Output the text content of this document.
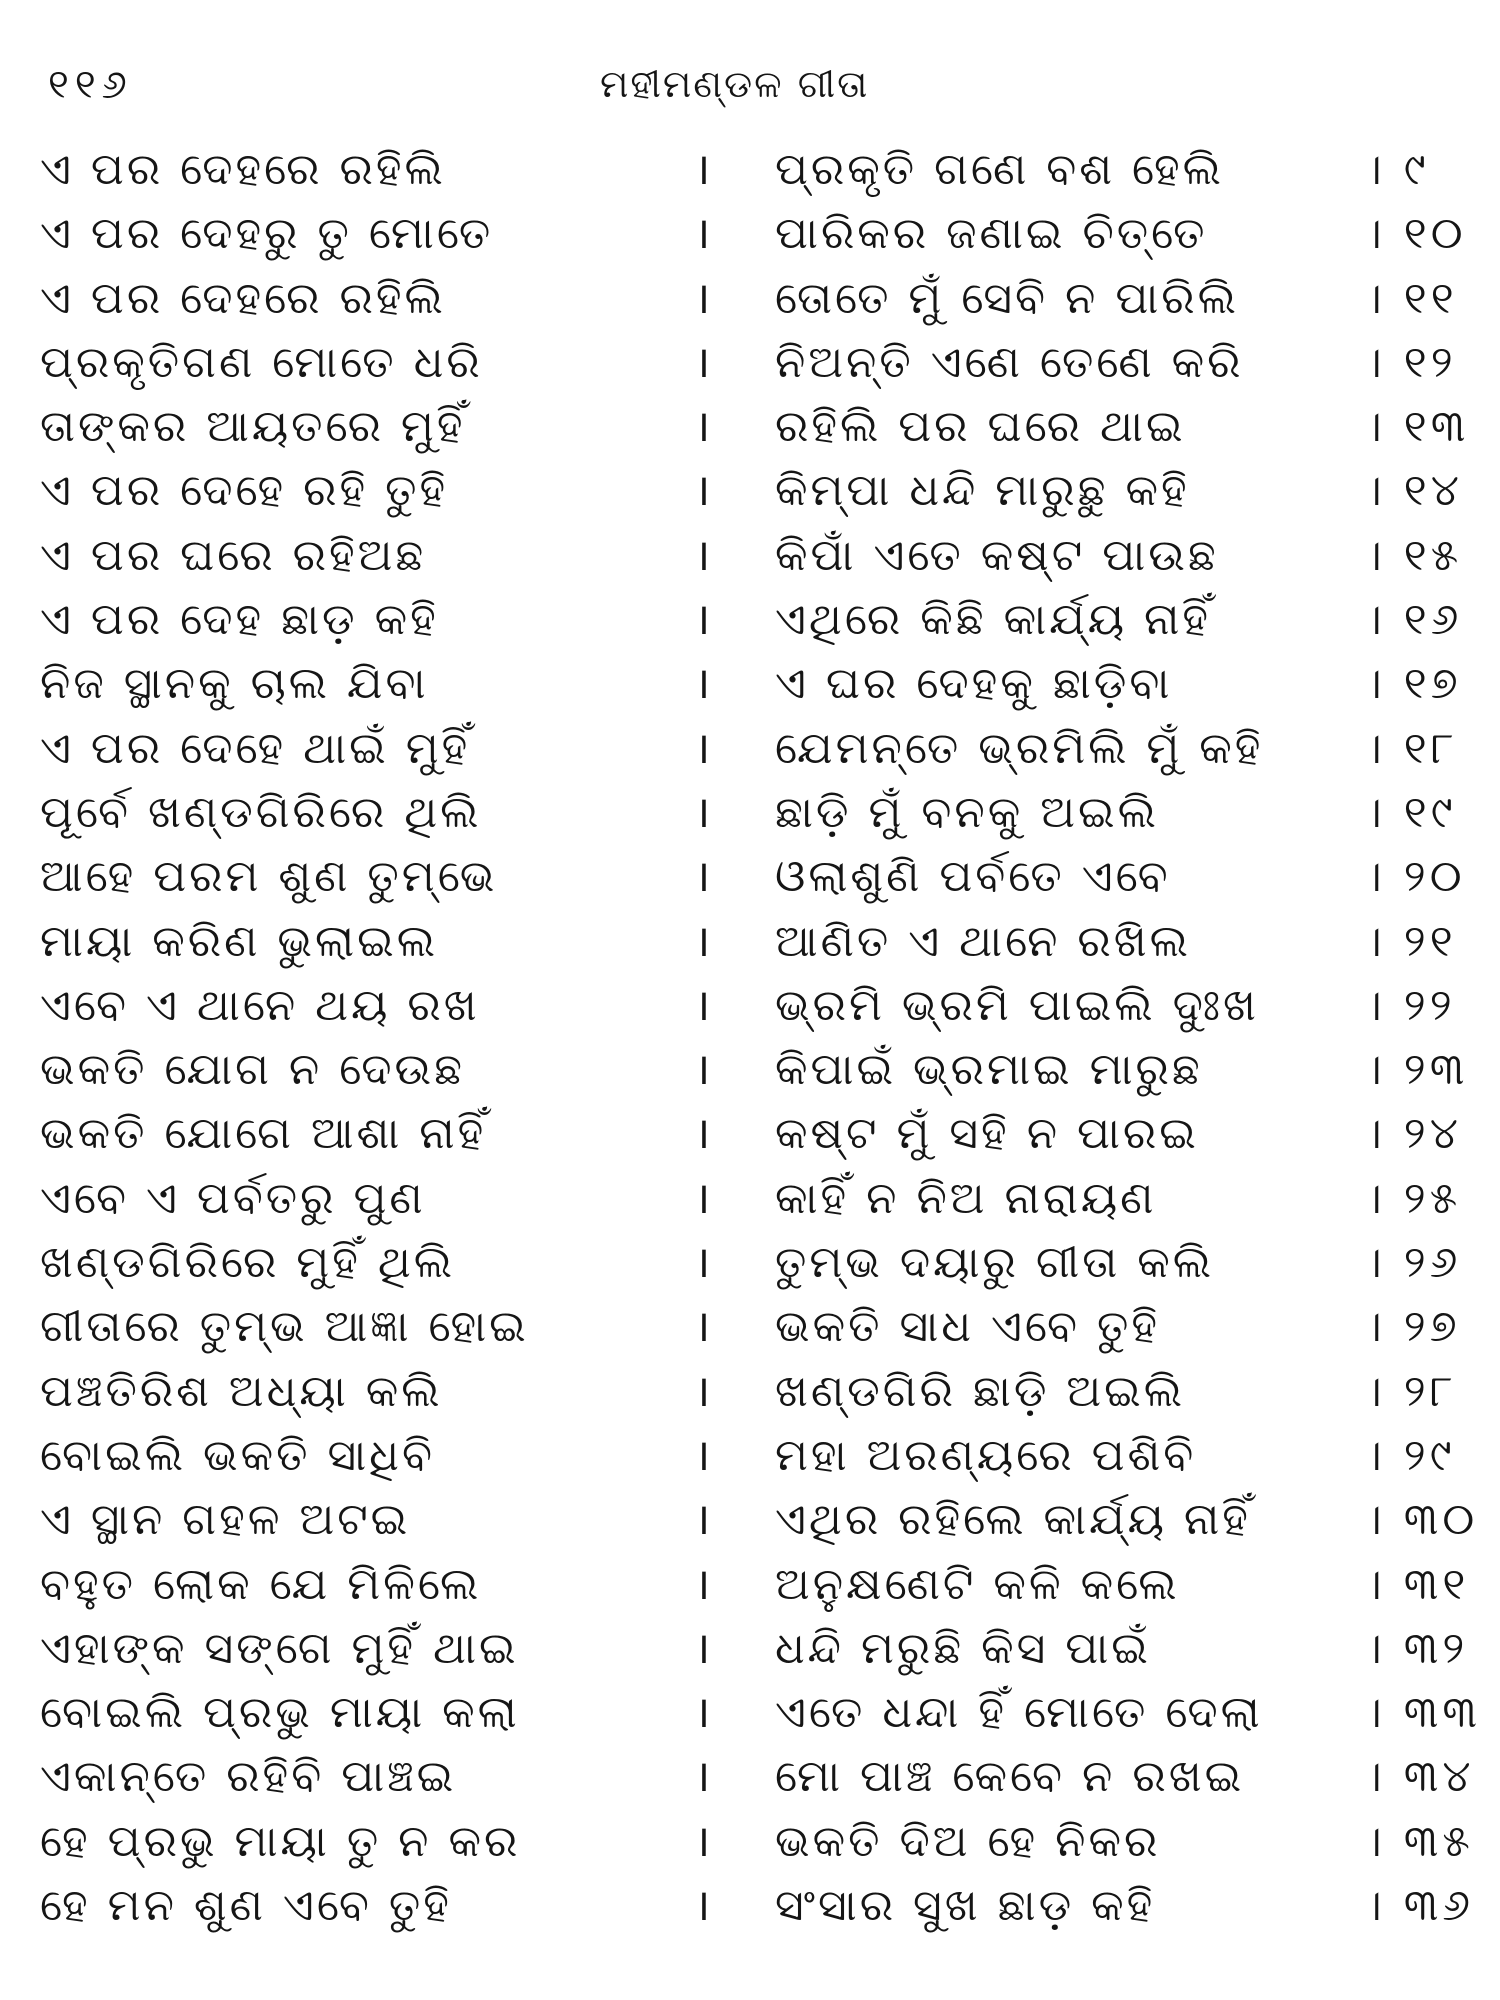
୧୧୬	ମହୀମଣ୍ଡଳ ଗୀତା
ଏ ପର ଦେହରେ ରହିଲି	। ପ୍ରକୃତି ଗଣେ ବଶ ହେଲି	। ୯
ଏ ପର ଦେହରୁ ତୁ ମୋତେ	। ପାରିକର ଜଣାଇ ଚିତ୍ତେ	। ୧୦
ଏ ପର ଦେହରେ ରହିଲି	। ତୋତେ ମୁଁ ସେବି ନ ପାରିଲି	। ୧୧
ପ୍ରକୃତିଗଣ ମୋତେ ଧରି	। ନିଅନ୍ତି ଏଣେ ତେଣେ କରି	। ୧୨
ତାଙ୍କର ଆୟତରେ ମୁହିଁ	। ରହିଲି ପର ଘରେ ଥାଇ	। ୧୩
ଏ ପର ଦେହେ ରହି ତୁହି	। କିମ୍ପା ଧନ୍ଦି ମାରୁଛୁ କହି	। ୧୪
ଏ ପର ଘରେ ରହିଅଛ	। କିପାଁ ଏତେ କଷ୍ଟ ପାଉଛ	। ୧୫
ଏ ପର ଦେହ ଛାଡ଼ କହି	। ଏଥିରେ କିଛି କାର୍ଯ୍ୟ ନାହିଁ	। ୧୬
ନିଜ ସ୍ଥାନକୁ ଚାଲ ଯିବା	। ଏ ଘର ଦେହକୁ ଛାଡ଼ିବା	। ୧୭
ଏ ପର ଦେହେ ଥାଇଁ ମୁହିଁ	। ଯେମନ୍ତେ ଭ୍ରମିଲି ମୁଁ କହି	। ୧୮
ପୂର୍ବେ ଖଣ୍ଡଗିରିରେ ଥିଲି	। ଛାଡ଼ି ମୁଁ ବନକୁ ଅଇଲି	। ୧୯
ଆହେ ପରମ ଶୁଣ ତୁମ୍ଭେ	। ଓଲାଶୁଣି ପର୍ବତେ ଏବେ	। ୨୦
ମାୟା କରିଣ ଭୁଲାଇଲ	। ଆଣିତ ଏ ଥାନେ ରଖିଲ	। ୨୧
ଏବେ ଏ ଥାନେ ଥୟ ରଖ	। ଭ୍ରମି ଭ୍ରମି ପାଇଲି ଦୁଃଖ	। ୨୨
ଭକତି ଯୋଗ ନ ଦେଉଛ	। କିପାଇଁ ଭ୍ରମାଇ ମାରୁଛ	। ୨୩
ଭକତି ଯୋଗେ ଆଶା ନାହିଁ	। କଷ୍ଟ ମୁଁ ସହି ନ ପାରଇ	। ୨୪
ଏବେ ଏ ପର୍ବତରୁ ପୁଣ	। କାହିଁ ନ ନିଅ ନାରାୟଣ	। ୨୫
ଖଣ୍ଡଗିରିରେ ମୁହିଁ ଥିଲି	। ତୁମ୍ଭ ଦୟାରୁ ଗୀତା କଲି	। ୨୬
ଗୀତାରେ ତୁମ୍ଭ ଆଜ୍ଞା ହୋଇ	। ଭକତି ସାଧ ଏବେ ତୁହି	। ୨୭
ପଞ୍ଚତିରିଶ ଅଧ୍ୟା କଲି	। ଖଣ୍ଡଗିରି ଛାଡ଼ି ଅଇଲି	। ୨୮
ବୋଇଲି ଭକତି ସାଧିବି	। ମହା ଅରଣ୍ୟରେ ପଶିବି	। ୨୯
ଏ ସ୍ଥାନ ଗହଳ ଅଟଇ	। ଏଥିର ରହିଲେ କାର୍ଯ୍ୟ ନାହିଁ	। ୩୦
ବହୁତ ଲୋକ ଯେ ମିଳିଲେ	। ଅନୁକ୍ଷଣେଟି କଳି କଲେ	। ୩୧
ଏହାଙ୍କ ସଙ୍ଗେ ମୁହିଁ ଥାଇ	। ଧନ୍ଦି ମରୁଛି କିସ ପାଇଁ	। ୩୨
ବୋଇଲି ପ୍ରଭୁ ମାୟା କଲା	। ଏତେ ଧନ୍ଦା ହିଁ ମୋତେ ଦେଲା	। ୩୩
ଏକାନ୍ତେ ରହିବି ପାଞ୍ଚଇ	। ମୋ ପାଞ୍ଚ କେବେ ନ ରଖଇ	। ୩୪
ହେ ପ୍ରଭୁ ମାୟା ତୁ ନ କର	। ଭକତି ଦିଅ ହେ ନିକର	। ୩୫
ହେ ମନ ଶୁଣ ଏବେ ତୁହି	। ସଂସାର ସୁଖ ଛାଡ଼ କହି	। ୩୬
